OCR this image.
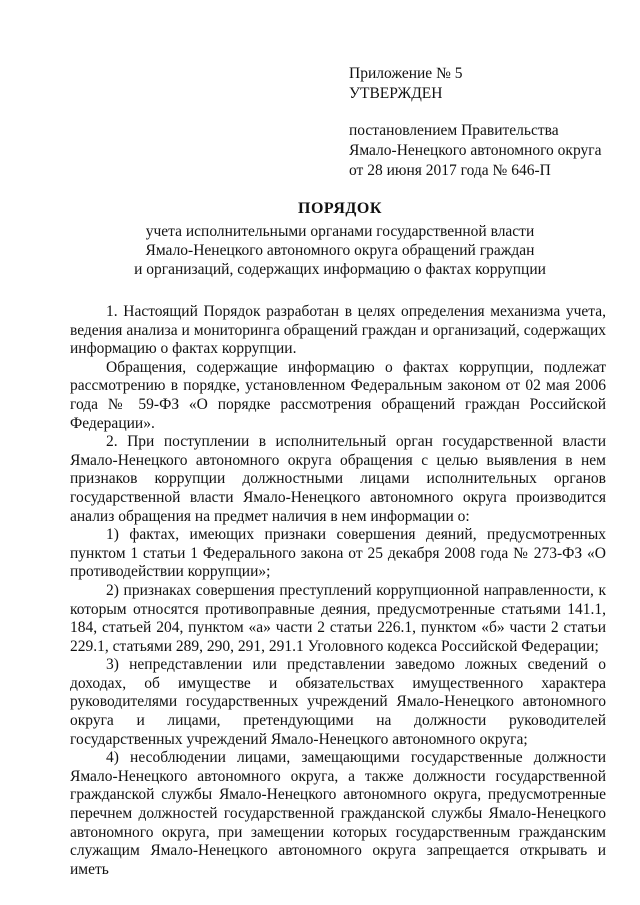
Приложение № 5
УТВЕРЖДЕН
постановлением Правительства
Ямало-Ненецкого автономного округа
от 28 июня 2017 года № 646-П
ПОРЯДОК
учета исполнительными органами государственной власти
Ямало-Ненецкого автономного округа обращений граждан
и организаций, содержащих информацию о фактах коррупции

1. Настоящий Порядок разработан в целях определения механизма учета, ведения анализа и мониторинга обращений граждан и организаций, содержащих информацию о фактах коррупции.

Обращения, содержащие информацию о фактах коррупции, подлежат рассмотрению в порядке, установленном Федеральным законом от 02 мая 2006 года № 59-ФЗ «О порядке рассмотрения обращений граждан Российской Федерации».

2. При поступлении в исполнительный орган государственной власти Ямало-Ненецкого автономного округа обращения с целью выявления в нем признаков коррупции должностными лицами исполнительных органов государственной власти Ямало-Ненецкого автономного округа производится анализ обращения на предмет наличия в нем информации о:

1) фактах, имеющих признаки совершения деяний, предусмотренных пунктом 1 статьи 1 Федерального закона от 25 декабря 2008 года № 273-ФЗ «О противодействии коррупции»;

2) признаках совершения преступлений коррупционной направленности, к которым относятся противоправные деяния, предусмотренные статьями 141.1, 184, статьей 204, пунктом «а» части 2 статьи 226.1, пунктом «б» части 2 статьи 229.1, статьями 289, 290, 291, 291.1 Уголовного кодекса Российской Федерации;

3) непредставлении или представлении заведомо ложных сведений о доходах, об имуществе и обязательствах имущественного характера руководителями государственных учреждений Ямало-Ненецкого автономного округа и лицами, претендующими на должности руководителей государственных учреждений Ямало-Ненецкого автономного округа;

4) несоблюдении лицами, замещающими государственные должности Ямало-Ненецкого автономного округа, а также должности государственной гражданской службы Ямало-Ненецкого автономного округа, предусмотренные перечнем должностей государственной гражданской службы Ямало-Ненецкого автономного округа, при замещении которых государственным гражданским служащим Ямало-Ненецкого автономного округа запрещается открывать и иметь
